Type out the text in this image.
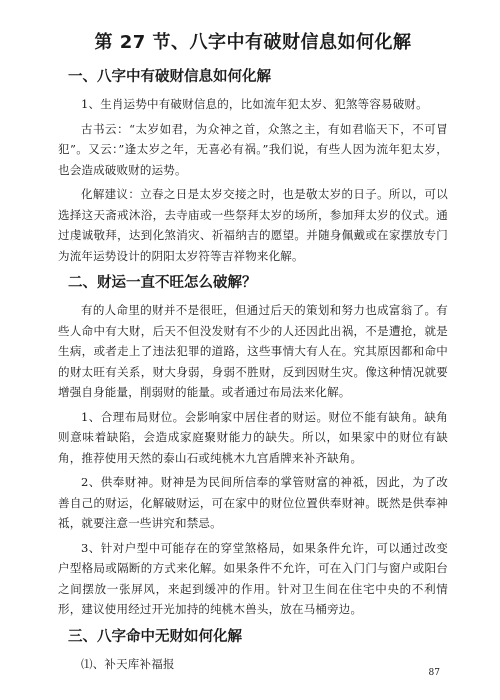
第 27 节、八字中有破财信息如何化解
一、八字中有破财信息如何化解

1、生肖运势中有破财信息的，比如流年犯太岁、犯煞等容易破财。

古书云：“太岁如君，为众神之首，众煞之主，有如君临天下，不可冒犯”。又云：”逢太岁之年，无喜必有祸。”我们说，有些人因为流年犯太岁，也会造成破败财的运势。

化解建议：立春之日是太岁交接之时，也是敬太岁的日子。所以，可以选择这天斋戒沐浴，去寺庙或一些祭拜太岁的场所，参加拜太岁的仪式。通过虔诚敬拜，达到化煞消灾、祈福纳吉的愿望。并随身佩戴或在家摆放专门为流年运势设计的阴阳太岁符等吉祥物来化解。

二、财运一直不旺怎么破解？

有的人命里的财并不是很旺，但通过后天的策划和努力也成富翁了。有些人命中有大财，后天不但没发财有不少的人还因此出祸，不是遭抢，就是生病，或者走上了违法犯罪的道路，这些事情大有人在。究其原因都和命中的财太旺有关系，财大身弱，身弱不胜财，反到因财生灾。像这种情况就要增强自身能量，削弱财的能量。或者通过布局法来化解。

1、合理布局财位。会影响家中居住者的财运。财位不能有缺角。缺角则意味着缺陷，会造成家庭聚财能力的缺失。所以，如果家中的财位有缺角，推荐使用天然的泰山石或纯桃木九宫盾牌来补齐缺角。

2、供奉财神。财神是为民间所信奉的掌管财富的神祗，因此，为了改善自己的财运，化解破财运，可在家中的财位位置供奉财神。既然是供奉神祗，就要注意一些讲究和禁忌。

3、针对户型中可能存在的穿堂煞格局，如果条件允许，可以通过改变户型格局或隔断的方式来化解。如果条件不允许，可在入门门与窗户或阳台之间摆放一张屏风，来起到缓冲的作用。针对卫生间在住宅中央的不利情形，建议使用经过开光加持的纯桃木兽头，放在马桶旁边。

三、八字命中无财如何化解

⑴、补天库补福报

87
